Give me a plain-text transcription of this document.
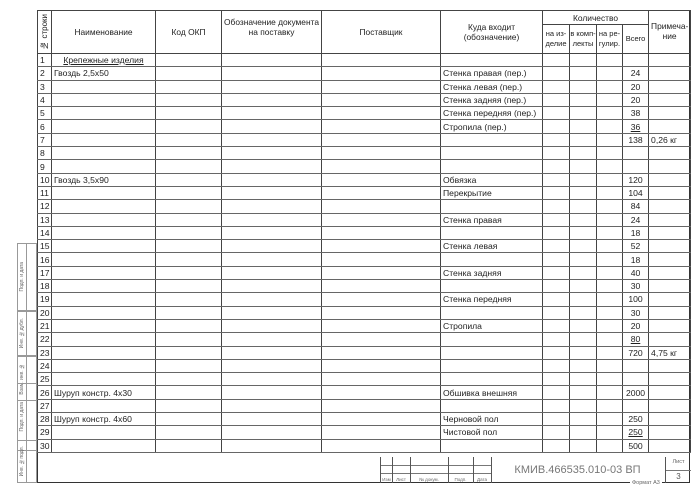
Подп. и дата
Инв. №дубл.
Взам. инв. №
Подп. и дата
Инв. №подл.
№ строки	Наименование	Код ОКП	Обозначение документа на поставку	Поставщик	Куда входит (обозначение)	Количество				Примеча-ние
						на из-делие	в комп-лекты	на ре-гулир.	Всего	
1	Крепежные изделия									
2	Гвоздь 2,5х50				Стенка правая (пер.)				24	
3					Стенка левая (пер.)				20	
4					Стенка задняя (пер.)				20	
5					Стенка передняя (пер.)				38	
6					Стропила (пер.)				36	
7									138	0,26 кг
8										
9										
10	Гвоздь 3,5х90				Обвязка				120	
11					Перекрытие				104	
12									84	
13					Стенка правая				24	
14									18	
15					Стенка левая				52	
16									18	
17					Стенка задняя				40	
18									30	
19					Стенка передняя				100	
20									30	
21					Стропила				20	
22									80	
23									720	4,75 кг
24										
25										
26	Шуруп констр. 4х30				Обшивка внешняя				2000	
27										
28	Шуруп констр. 4х60				Черновой пол				250	
29					Чистовой пол				250	
30									500	
Изм	Лист	№ докум.	Подп.	Дата
КМИВ.466535.010-03 ВП
Лист
3
Формат А3
